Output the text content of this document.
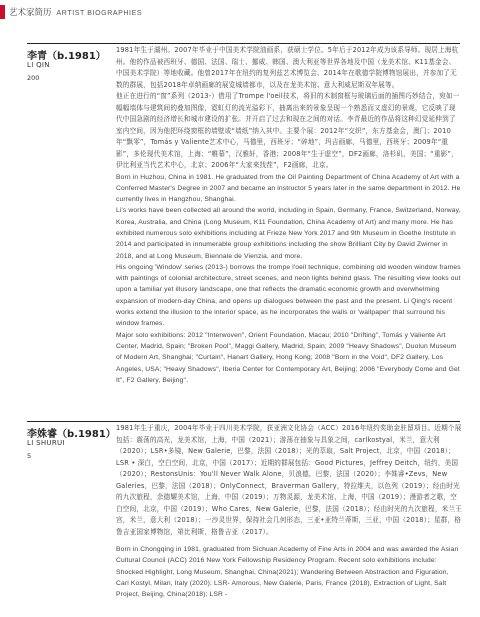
艺术家简历 ARTIST BIOGRAPHIES
李青（b.1981）
LI QIN
200

1981年生于湖州。2007年毕业于中国美术学院油画系，获硕士学位。5年后于2012年成为该系导师。现居上海杭州。他的作品被西班牙、德国、法国、瑞士、挪威、韩国、澳大利亚等世界各地及中国（龙美术馆、K11基金会、中国美术学院）等地收藏。他曾2017年在纽约的复列兹艺术博览会、2014年在歌德学院博物馆展出，并参加了无数的群展，包括2018年卓纳画廊的展览城墙都市，以及在龙美术馆、意大利威尼斯双年展等。

他正在进行的“窗”系列（2013-）借用了Trompe l'oeil技术，将旧的木制窗框与玻璃后面的插图巧妙结合，宛如一幅幅墙体与建筑间的叠加图像，霓虹灯的流光溢彩下，抽离出来的景象呈现一个熟悉而又虚幻的景观，它反映了现代中国急剧的经济增长和城市建设的扩张。并开启了过去和现在之间的对话。李青最近的作品将这种幻觉延伸到了室内空间，因为他把环绕窗框的墙壁或“墙纸”纳入其中。主要个展：2012年“交织”，东方基金会，澳门；2010年“飘零”，Tomás y Valiente艺术中心，马德里，西班牙；“碎地”，玛吉画廊，马德里，西班牙；2009年“重影”，多伦现代美术馆，上海；“帷幕”，汉雅轩，香港；2008年“生于虚空”，DF2画廊，洛杉矶，美国；“重影”，伊比利亚当代艺术中心，北京；2006年“大家来找茬”，F2画廊，北京。

Born in Huzhou, China in 1981. He graduated from the Oil Painting Department of China Academy of Art with a Conferred Master's Degree in 2007 and became an instructor 5 years later in the same department in 2012. He currently lives in Hangzhou, Shanghai.

Li's works have been collected all around the world, including in Spain, Germany, France, Switzerland, Norway, Korea, Australia, and China (Long Museum, K11 Foundation, China Academy of Art) and many more. He has exhibited numerous solo exhibitions including at Frieze New York 2017 and 9th Museum in Goethe Institute in 2014 and participated in innumerable group exhibitions including the show Brilliant City by David Zwirner in 2018, and at Long Museum, Biennale de Vienzia, and more.

His ongoing 'Window' series (2013-) borrows the trompe l'oeil technique, combining old wooden window frames with paintings of colonial architecture, street scenes, and neon lights behind glass. The resulting view looks out upon a familiar yet illusory landscape, one that reflects the dramatic economic growth and overwhelming expansion of modern-day China, and opens up dialogues between the past and the present. Li Qing's recent works extend the illusion to the interior space, as he incorporates the walls or 'wallpaper' that surround his window frames.

Major solo exhibitions: 2012 "Interwoven", Orient Foundation, Macau; 2010 "Drifting", Tomás y Valiente Art Center, Madrid, Spain; "Broken Pool", Maggi Gallery, Madrid, Spain; 2009 "Heavy Shadows", Duolun Museum of Modern Art, Shanghai; "Curtain", Hanart Gallery, Hong Kong; 2008 "Born in the Void", DF2 Gallery, Los Angeles, USA; "Heavy Shadows", Iberia Center for Contemporary Art, Beijing; 2006 "Everybody Come and Get It", F2 Gallery, Beijing".

李姝睿（b.1981）
LI SHURUI
5

1981年生于重庆，2004年毕业于四川美术学院，获亚洲文化协会（ACC）2016年纽约奖助金驻留项目。近期个展包括：震荡的高光，龙美术馆，上海，中国（2021）；游荡在抽象与具象之间，carlkostyal，米兰，意大利（2020）；LSR•多镜，New Galerie，巴黎，法国（2018）；光的萃取，Salt Project，北京，中国（2018）；LSR • 深白，空白空间，北京，中国（2017）；近期的群展包括：Good Pictures，Jeffrey Deitch，纽约，美国（2020）；RestonsUnis：You'll Never Walk Alone，贝浪德，巴黎，法国（2020）；李姝睿•Zevs，New Galeries，巴黎，法国（2018）；OnlyConnect，Braverman Gallery，特拉维夫，以色列（2019）；经由时光的九次旅程，余德耀美术馆，上海，中国（2019）；万物灵源，龙美术馆，上海，中国（2019）；漫游者之歌，空白空间，北京，中国（2019）；Who Cares，New Galerie，巴黎，法国（2018）；经由时光的九次旅程，米兰王宫，米兰，意大利（2018）；一沙灵世界，保持社会几何形态，三亚•亚特兰蒂斯，三亚，中国（2018）；星群，格鲁吉亚国家博物馆，第比利斯，格鲁吉亚（2017）。

Born in Chongqing in 1981, graduated from Sichuan Academy of Fine Arts in 2004 and was awarded the Asian Cultural Council (ACC) 2016 New York Fellowship Residency Program. Recent solo exhibitions include: Shocked Highlight, Long Museum, Shanghai, China(2021); Wandering Between Abstraction and Figuration, Carl Kostyl, Milan, Italy (2020); LSR- Amorous, New Galerie, Paris, France (2018), Extraction of Light, Salt Project, Beijing, China(2018); LSR -
